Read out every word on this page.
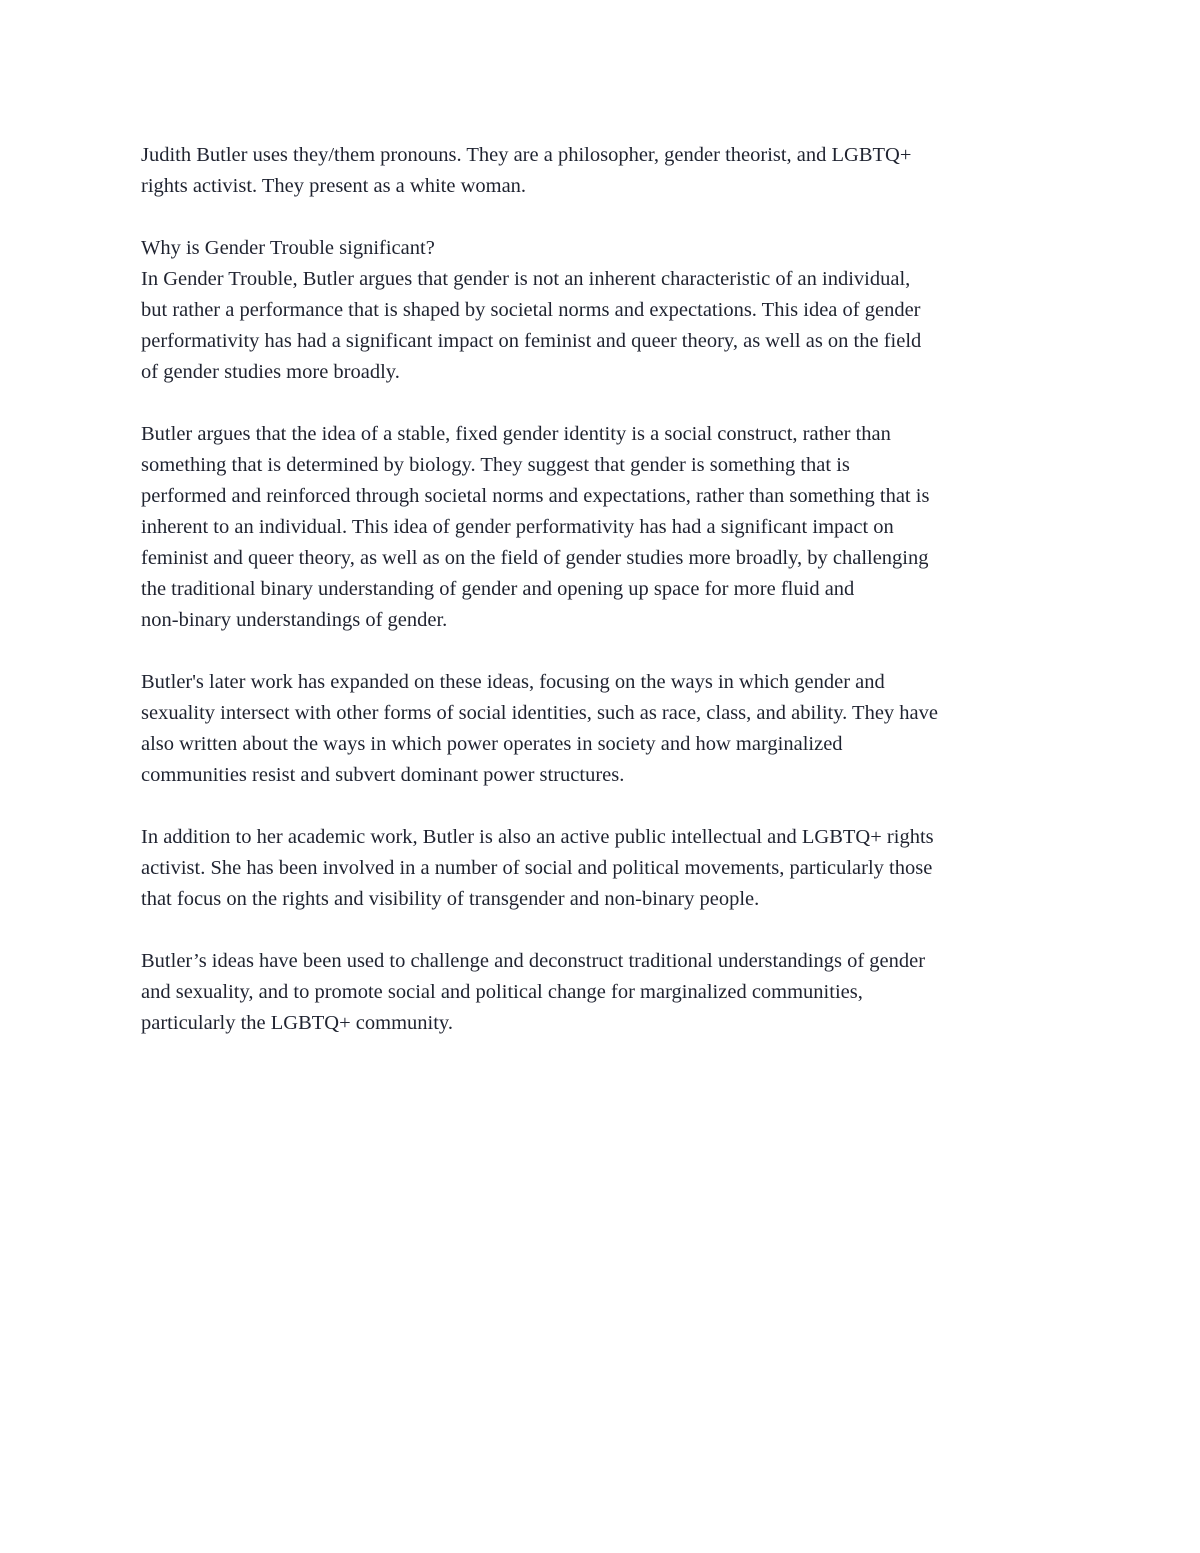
Judith Butler uses they/them pronouns. They are a philosopher, gender theorist, and LGBTQ+
rights activist. They present as a white woman.

Why is Gender Trouble significant?

In Gender Trouble, Butler argues that gender is not an inherent characteristic of an individual,
but rather a performance that is shaped by societal norms and expectations. This idea of gender
performativity has had a significant impact on feminist and queer theory, as well as on the field
of gender studies more broadly.

Butler argues that the idea of a stable, fixed gender identity is a social construct, rather than
something that is determined by biology. They suggest that gender is something that is
performed and reinforced through societal norms and expectations, rather than something that is
inherent to an individual. This idea of gender performativity has had a significant impact on
feminist and queer theory, as well as on the field of gender studies more broadly, by challenging
the traditional binary understanding of gender and opening up space for more fluid and
non-binary understandings of gender.

Butler's later work has expanded on these ideas, focusing on the ways in which gender and
sexuality intersect with other forms of social identities, such as race, class, and ability. They have
also written about the ways in which power operates in society and how marginalized
communities resist and subvert dominant power structures.

In addition to her academic work, Butler is also an active public intellectual and LGBTQ+ rights
activist. She has been involved in a number of social and political movements, particularly those
that focus on the rights and visibility of transgender and non-binary people.

Butler’s ideas have been used to challenge and deconstruct traditional understandings of gender
and sexuality, and to promote social and political change for marginalized communities,
particularly the LGBTQ+ community.
